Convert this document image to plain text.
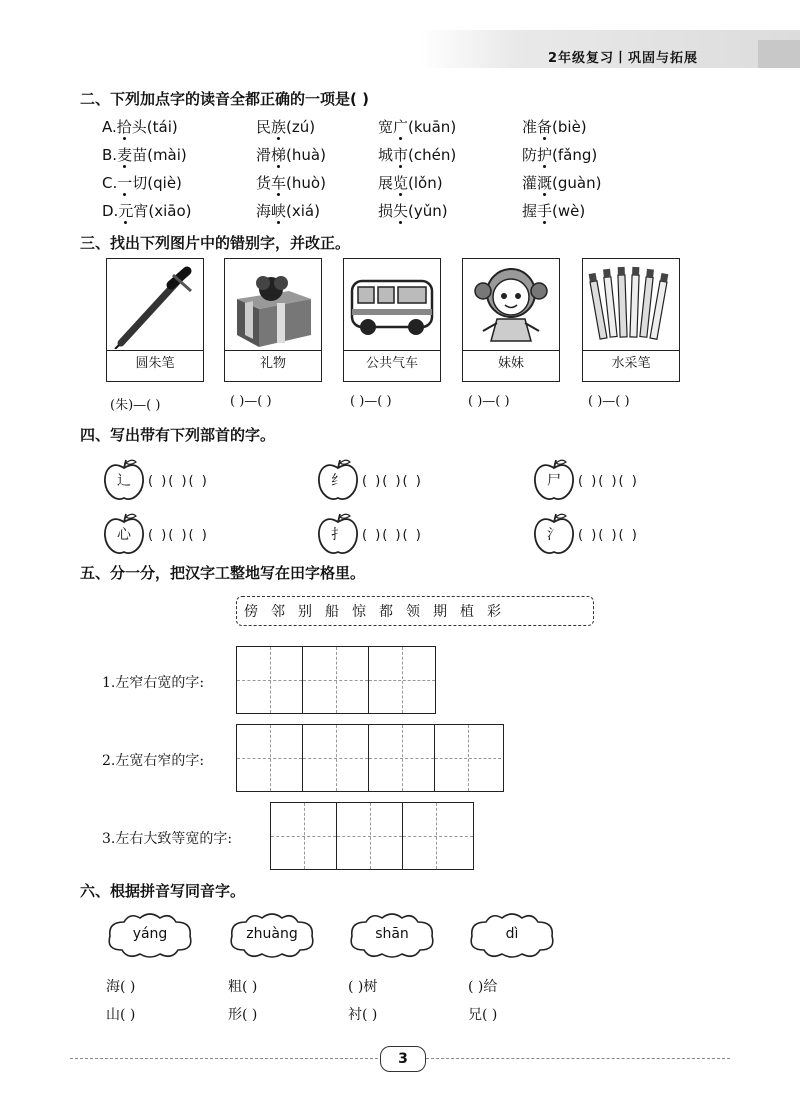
2年级复习丨巩固与拓展
二、下列加点字的读音全都正确的一项是( )
A.拾头(tái)	民族(zú)	宽广(kuān)	准备(biè)
B.麦苗(mài)	滑梯(huà)	城市(chén)	防护(fǎng)
C.一切(qiè)	货车(huò)	展览(lǒn)	灌溉(guàn)
D.元宵(xiāo)	海峡(xiá)	损失(yǔn)	握手(wè)
三、找出下列图片中的错别字，并改正。
圆朱笔	礼物	公共气车	妹妹	水采笔
(朱)—( )	( )—( )	( )—( )	( )—( )	( )—( )
四、写出带有下列部首的字。
辶	( )( )( )	纟	( )( )( )	尸	( )( )( )
心	( )( )( )	扌	( )( )( )	氵	( )( )( )
五、分一分，把汉字工整地写在田字格里。
傍邻别船惊都领期植彩
1.左窄右宽的字:
2.左宽右窄的字:
3.左右大致等宽的字:
六、根据拼音写同音字。
yáng
海( )
山( )
zhuàng
粗( )
形( )
shān
( )树
衬( )
dì
( )给
兄( )
3
